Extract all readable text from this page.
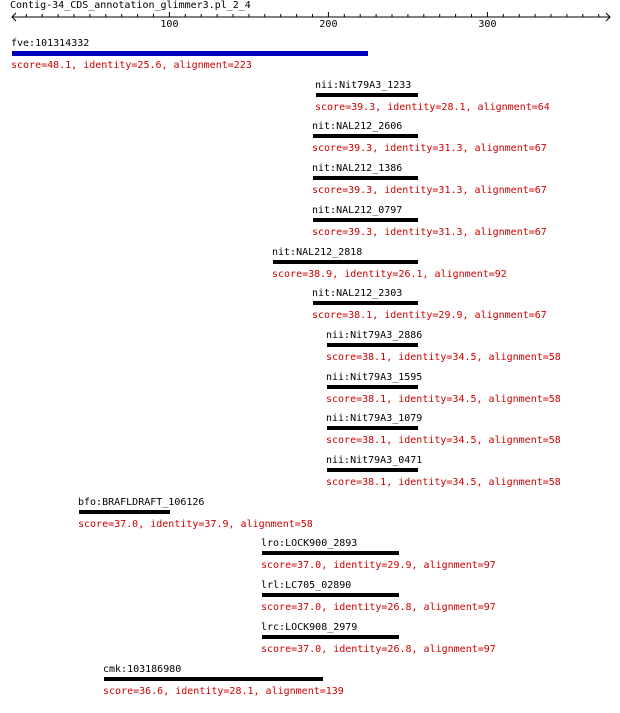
Contig-34_CDS_annotation_glimmer3.pl_2_4
100	200	300
fve:101314332
score=48.1, identity=25.6, alignment=223
nii:Nit79A3_1233
score=39.3, identity=28.1, alignment=64
nit:NAL212_2606
score=39.3, identity=31.3, alignment=67
nit:NAL212_1386
score=39.3, identity=31.3, alignment=67
nit:NAL212_0797
score=39.3, identity=31.3, alignment=67
nit:NAL212_2818
score=38.9, identity=26.1, alignment=92
nit:NAL212_2303
score=38.1, identity=29.9, alignment=67
nii:Nit79A3_2886
score=38.1, identity=34.5, alignment=58
nii:Nit79A3_1595
score=38.1, identity=34.5, alignment=58
nii:Nit79A3_1079
score=38.1, identity=34.5, alignment=58
nii:Nit79A3_0471
score=38.1, identity=34.5, alignment=58
bfo:BRAFLDRAFT_106126
score=37.0, identity=37.9, alignment=58
lro:LOCK900_2893
score=37.0, identity=29.9, alignment=97
lrl:LC705_02890
score=37.0, identity=26.8, alignment=97
lrc:LOCK908_2979
score=37.0, identity=26.8, alignment=97
cmk:103186980
score=36.6, identity=28.1, alignment=139
